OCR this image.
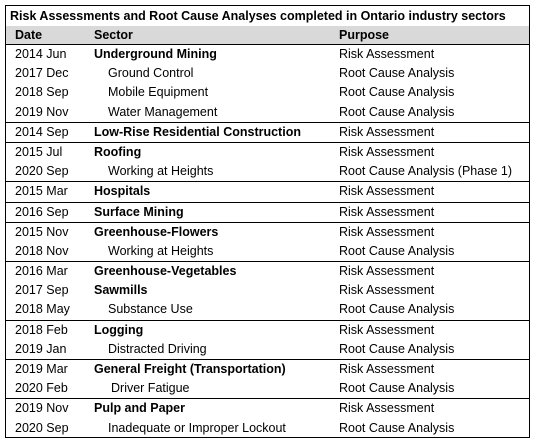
Risk Assessments and Root Cause Analyses completed in Ontario industry sectors
Date	Sector	Purpose
2014 Jun Underground Mining	Risk Assessment
2017 Dec	Ground Control	Root Cause Analysis
2018 Sep	Mobile Equipment	Root Cause Analysis
2019 Nov	Water Management	Root Cause Analysis
2014 Sep Low-Rise Residential Construction	Risk Assessment
2015 Jul	Roofing	Risk Assessment
2020 Sep	Working at Heights	Root Cause Analysis (Phase 1)
2015 Mar Hospitals	Risk Assessment
2016 Sep Surface Mining	Risk Assessment
2015 Nov Greenhouse-Flowers	Risk Assessment
2018 Nov	Working at Heights	Root Cause Analysis
2016 Mar Greenhouse-Vegetables	Risk Assessment
2017 Sep Sawmills	Risk Assessment
2018 May	Substance Use	Root Cause Analysis
2018 Feb Logging	Risk Assessment
2019 Jan	Distracted Driving	Root Cause Analysis
2019 Mar General Freight (Transportation)	Risk Assessment
2020 Feb	Driver Fatigue	Root Cause Analysis
2019 Nov Pulp and Paper	Risk Assessment
2020 Sep	Inadequate or Improper Lockout	Root Cause Analysis
